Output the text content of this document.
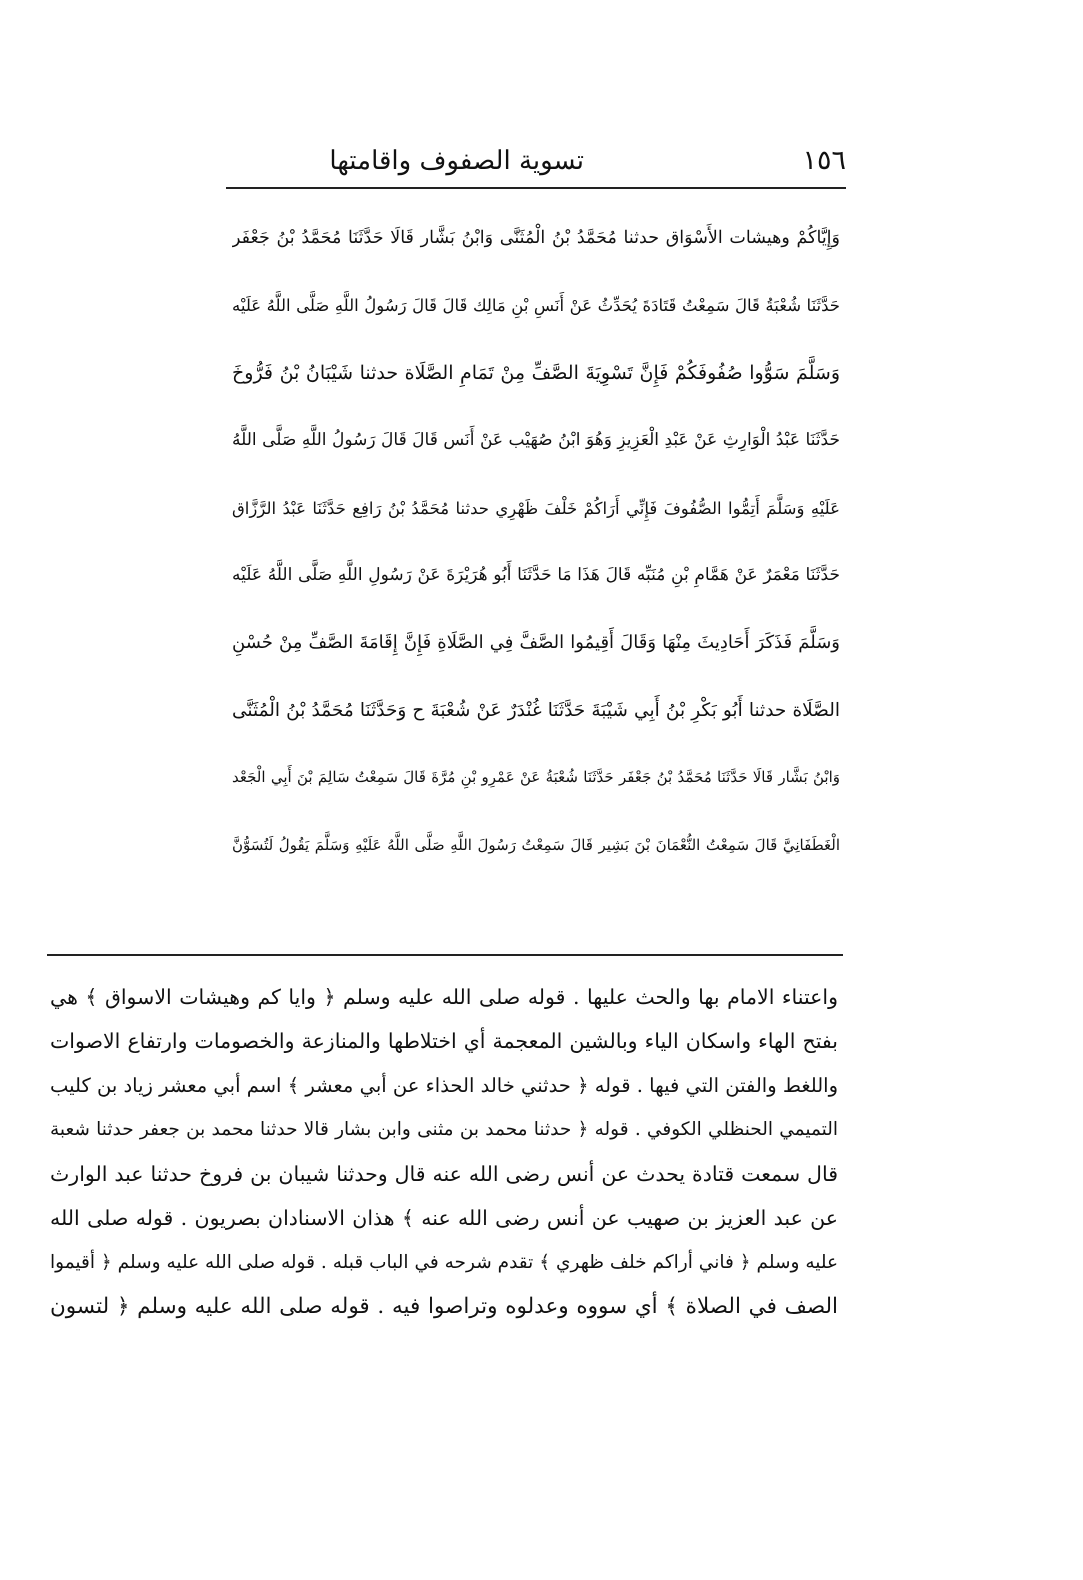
١٥٦
تسوية الصفوف واقامتها
وَإِيَّاكُمْ وهيشات الأَسْوَاق حدثنا مُحَمَّدُ بْنُ الْمُثَنَّى وَابْنُ بَشَّار قَالَا حَدَّثَنَا مُحَمَّدُ بْنُ جَعْفَر
حَدَّثَنَا شُعْبَةُ قَالَ سَمِعْتُ قَتَادَةَ يُحَدِّثُ عَنْ أَنَسِ بْنِ مَالِك قَالَ قَالَ رَسُولُ اللَّهِ صَلَّى اللَّهُ عَلَيْه
وَسَلَّمَ سَوُّوا صُفُوفَكُمْ فَإِنَّ تَسْوِيَةَ الصَّفِّ مِنْ تَمَامِ الصَّلَاة حدثنا شَيْبَانُ بْنُ فَرُّوخَ
حَدَّثَنَا عَبْدُ الْوَارِثِ عَنْ عَبْدِ الْعَزِيزِ وَهُوَ ابْنُ صُهَيْب عَنْ أَنَس قَالَ قَالَ رَسُولُ اللَّهِ صَلَّى اللَّهُ
عَلَيْهِ وَسَلَّمَ أَتِمُّوا الصُّفُوفَ فَإِنِّي أَرَاكُمْ خَلْفَ ظَهْرِي حدثنا مُحَمَّدُ بْنُ رَافِع حَدَّثَنَا عَبْدُ الرَّزَّاق
حَدَّثَنَا مَعْمَرٌ عَنْ هَمَّامِ بْنِ مُنَبِّه قَالَ هَذَا مَا حَدَّثَنَا أَبُو هُرَيْرَةَ عَنْ رَسُولِ اللَّهِ صَلَّى اللَّهُ عَلَيْه
وَسَلَّمَ فَذَكَرَ أَحَادِيثَ مِنْهَا وَقَالَ أَقِيمُوا الصَّفَّ فِي الصَّلَاةِ فَإِنَّ إِقَامَةَ الصَّفِّ مِنْ حُسْنِ
الصَّلَاة حدثنا أَبُو بَكْرِ بْنُ أَبِي شَيْبَةَ حَدَّثَنَا غُنْدَرٌ عَنْ شُعْبَةَ ح وَحَدَّثَنَا مُحَمَّدُ بْنُ الْمُثَنَّى
وَابْنُ بَشَّار قَالَا حَدَّثَنَا مُحَمَّدُ بْنُ جَعْفَر حَدَّثَنَا شُعْبَةُ عَنْ عَمْرِو بْنِ مُرَّةَ قَالَ سَمِعْتُ سَالِمَ بْنَ أَبِي الْجَعْد
الْغَطَفَانِيَّ قَالَ سَمِعْتُ النُّعْمَانَ بْنَ بَشِير قَالَ سَمِعْتُ رَسُولَ اللَّهِ صَلَّى اللَّهُ عَلَيْهِ وَسَلَّمَ يَقُولُ لَتُسَوُّنَّ
واعتناء الامام بها والحث عليها . قوله صلى الله عليه وسلم ﴿ وايا كم وهيشات الاسواق ﴾ هي
بفتح الهاء واسكان الياء وبالشين المعجمة أي اختلاطها والمنازعة والخصومات وارتفاع الاصوات
واللغط والفتن التي فيها . قوله ﴿ حدثني خالد الحذاء عن أبي معشر ﴾ اسم أبي معشر زياد بن كليب
التميمي الحنظلي الكوفي . قوله ﴿ حدثنا محمد بن مثنى وابن بشار قالا حدثنا محمد بن جعفر حدثنا شعبة
قال سمعت قتادة يحدث عن أنس رضى الله عنه قال وحدثنا شيبان بن فروخ حدثنا عبد الوارث
عن عبد العزيز بن صهيب عن أنس رضى الله عنه ﴾ هذان الاسنادان بصريون . قوله صلى الله
عليه وسلم ﴿ فاني أراكم خلف ظهري ﴾ تقدم شرحه في الباب قبله . قوله صلى الله عليه وسلم ﴿ أقيموا
الصف في الصلاة ﴾ أي سووه وعدلوه وتراصوا فيه . قوله صلى الله عليه وسلم ﴿ لتسون
